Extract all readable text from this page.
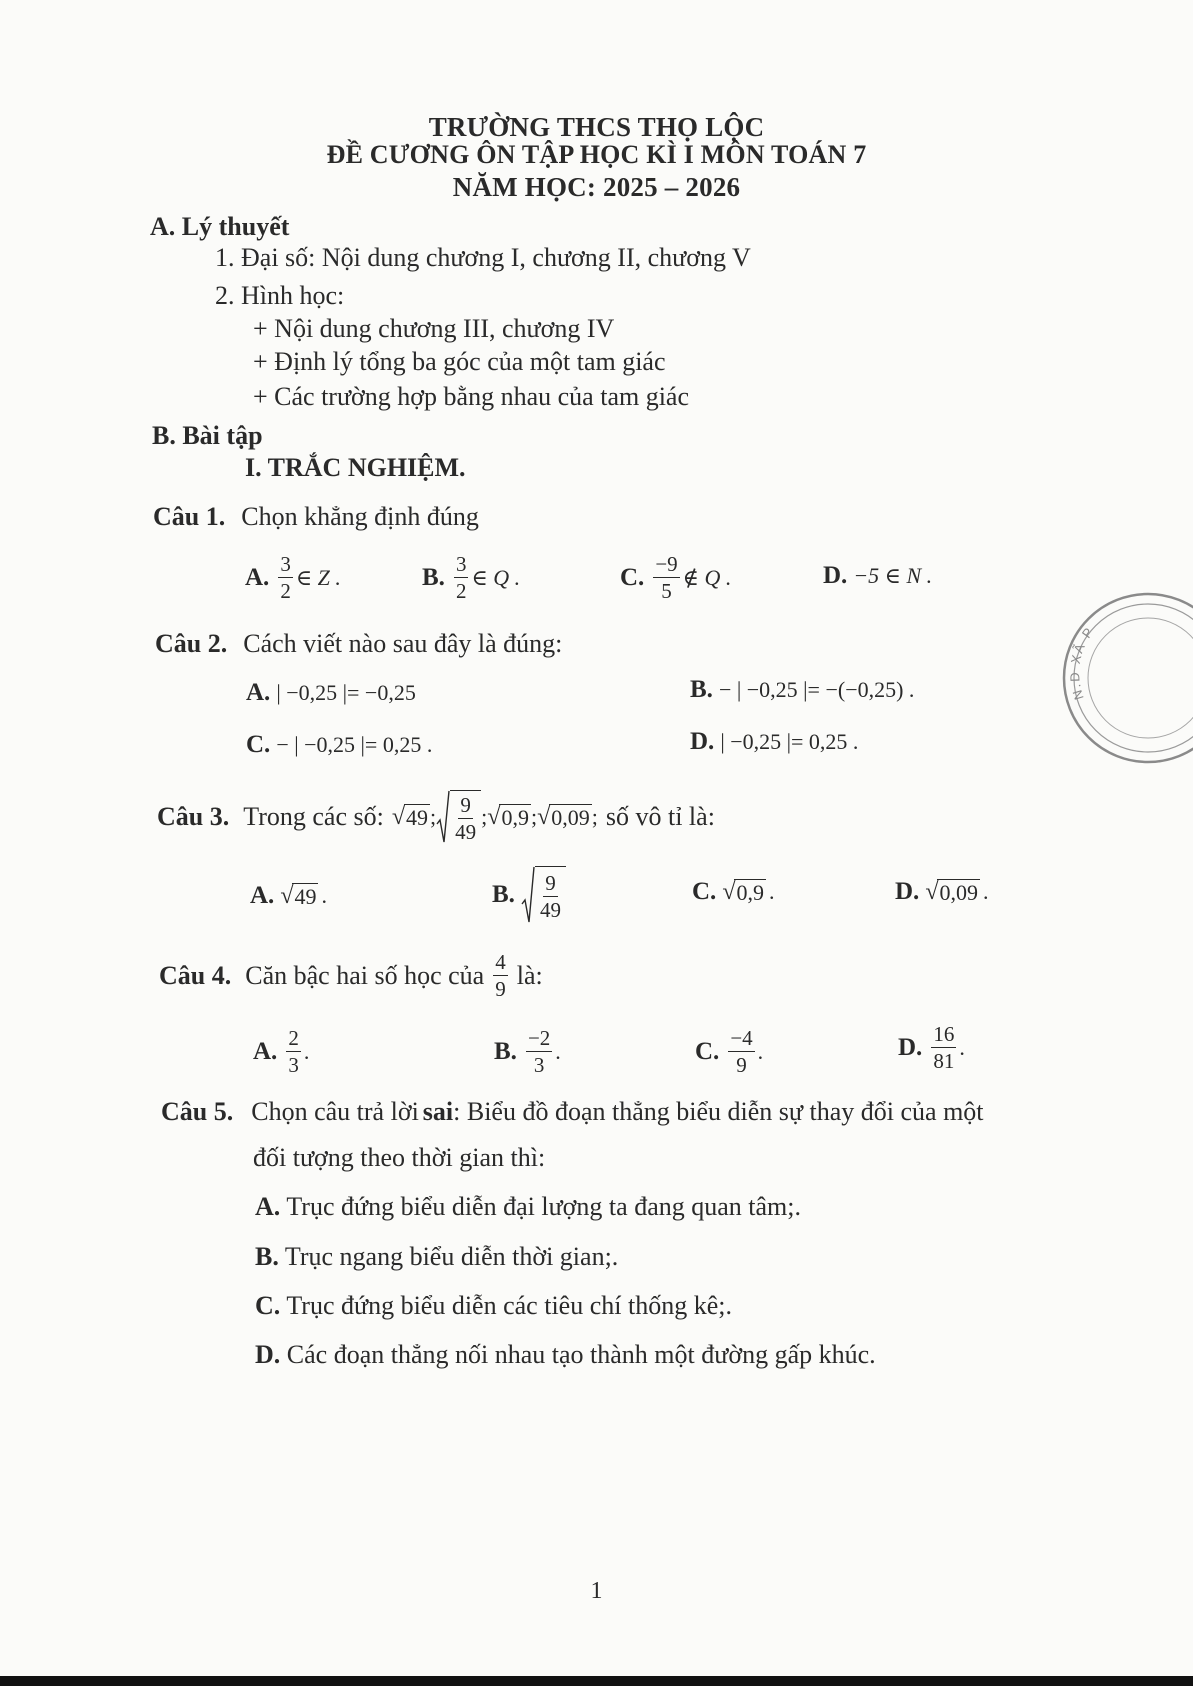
TRƯỜNG THCS THỌ LỘC
ĐỀ CƯƠNG ÔN TẬP HỌC KÌ I MÔN TOÁN 7
NĂM HỌC: 2025 – 2026
A. Lý thuyết
1. Đại số: Nội dung chương I, chương II, chương V
2. Hình học:
+ Nội dung chương III, chương IV
+ Định lý tổng ba góc của một tam giác
+ Các trường hợp bằng nhau của tam giác
B. Bài tập
I. TRẮC NGHIỆM.
Câu 1. Chọn khẳng định đúng
A. $\frac{3}{2}$ ∈ Z .	B. $\frac{3}{2}$ ∈ Q .	C. $\frac{-9}{5}$ ∉ Q .	D. −5 ∈ N .
Câu 2. Cách viết nào sau đây là đúng:
A. | −0,25 |= −0,25	B. − | −0,25 |= −(−0,25) .
C. − | −0,25 |= 0,25 .	D. | −0,25 |= 0,25 .
Câu 3. Trong các số: √ 49 ; $\frac{9}{49}$ ; √ 0,9 ; √ 0,09 ; số vô tỉ là:
A. √ 49 .	B. $\frac{9}{49}$	C. √ 0,9 .	D. √ 0,09 .
Câu 4. Căn bậc hai số học của $\frac{4}{9}$ là:
A. $\frac{2}{3}$ .	B. $\frac{-2}{3}$ .	C. $\frac{-4}{9}$ .	D. $\frac{16}{81}$ .
Câu 5. Chọn câu trả lời sai: Biểu đồ đoạn thẳng biểu diễn sự thay đổi của một
đối tượng theo thời gian thì:
A. Trục đứng biểu diễn đại lượng ta đang quan tâm;.
B. Trục ngang biểu diễn thời gian;.
C. Trục đứng biểu diễn các tiêu chí thống kê;.
D. Các đoạn thẳng nối nhau tạo thành một đường gấp khúc.
N.D XÃ P
1
